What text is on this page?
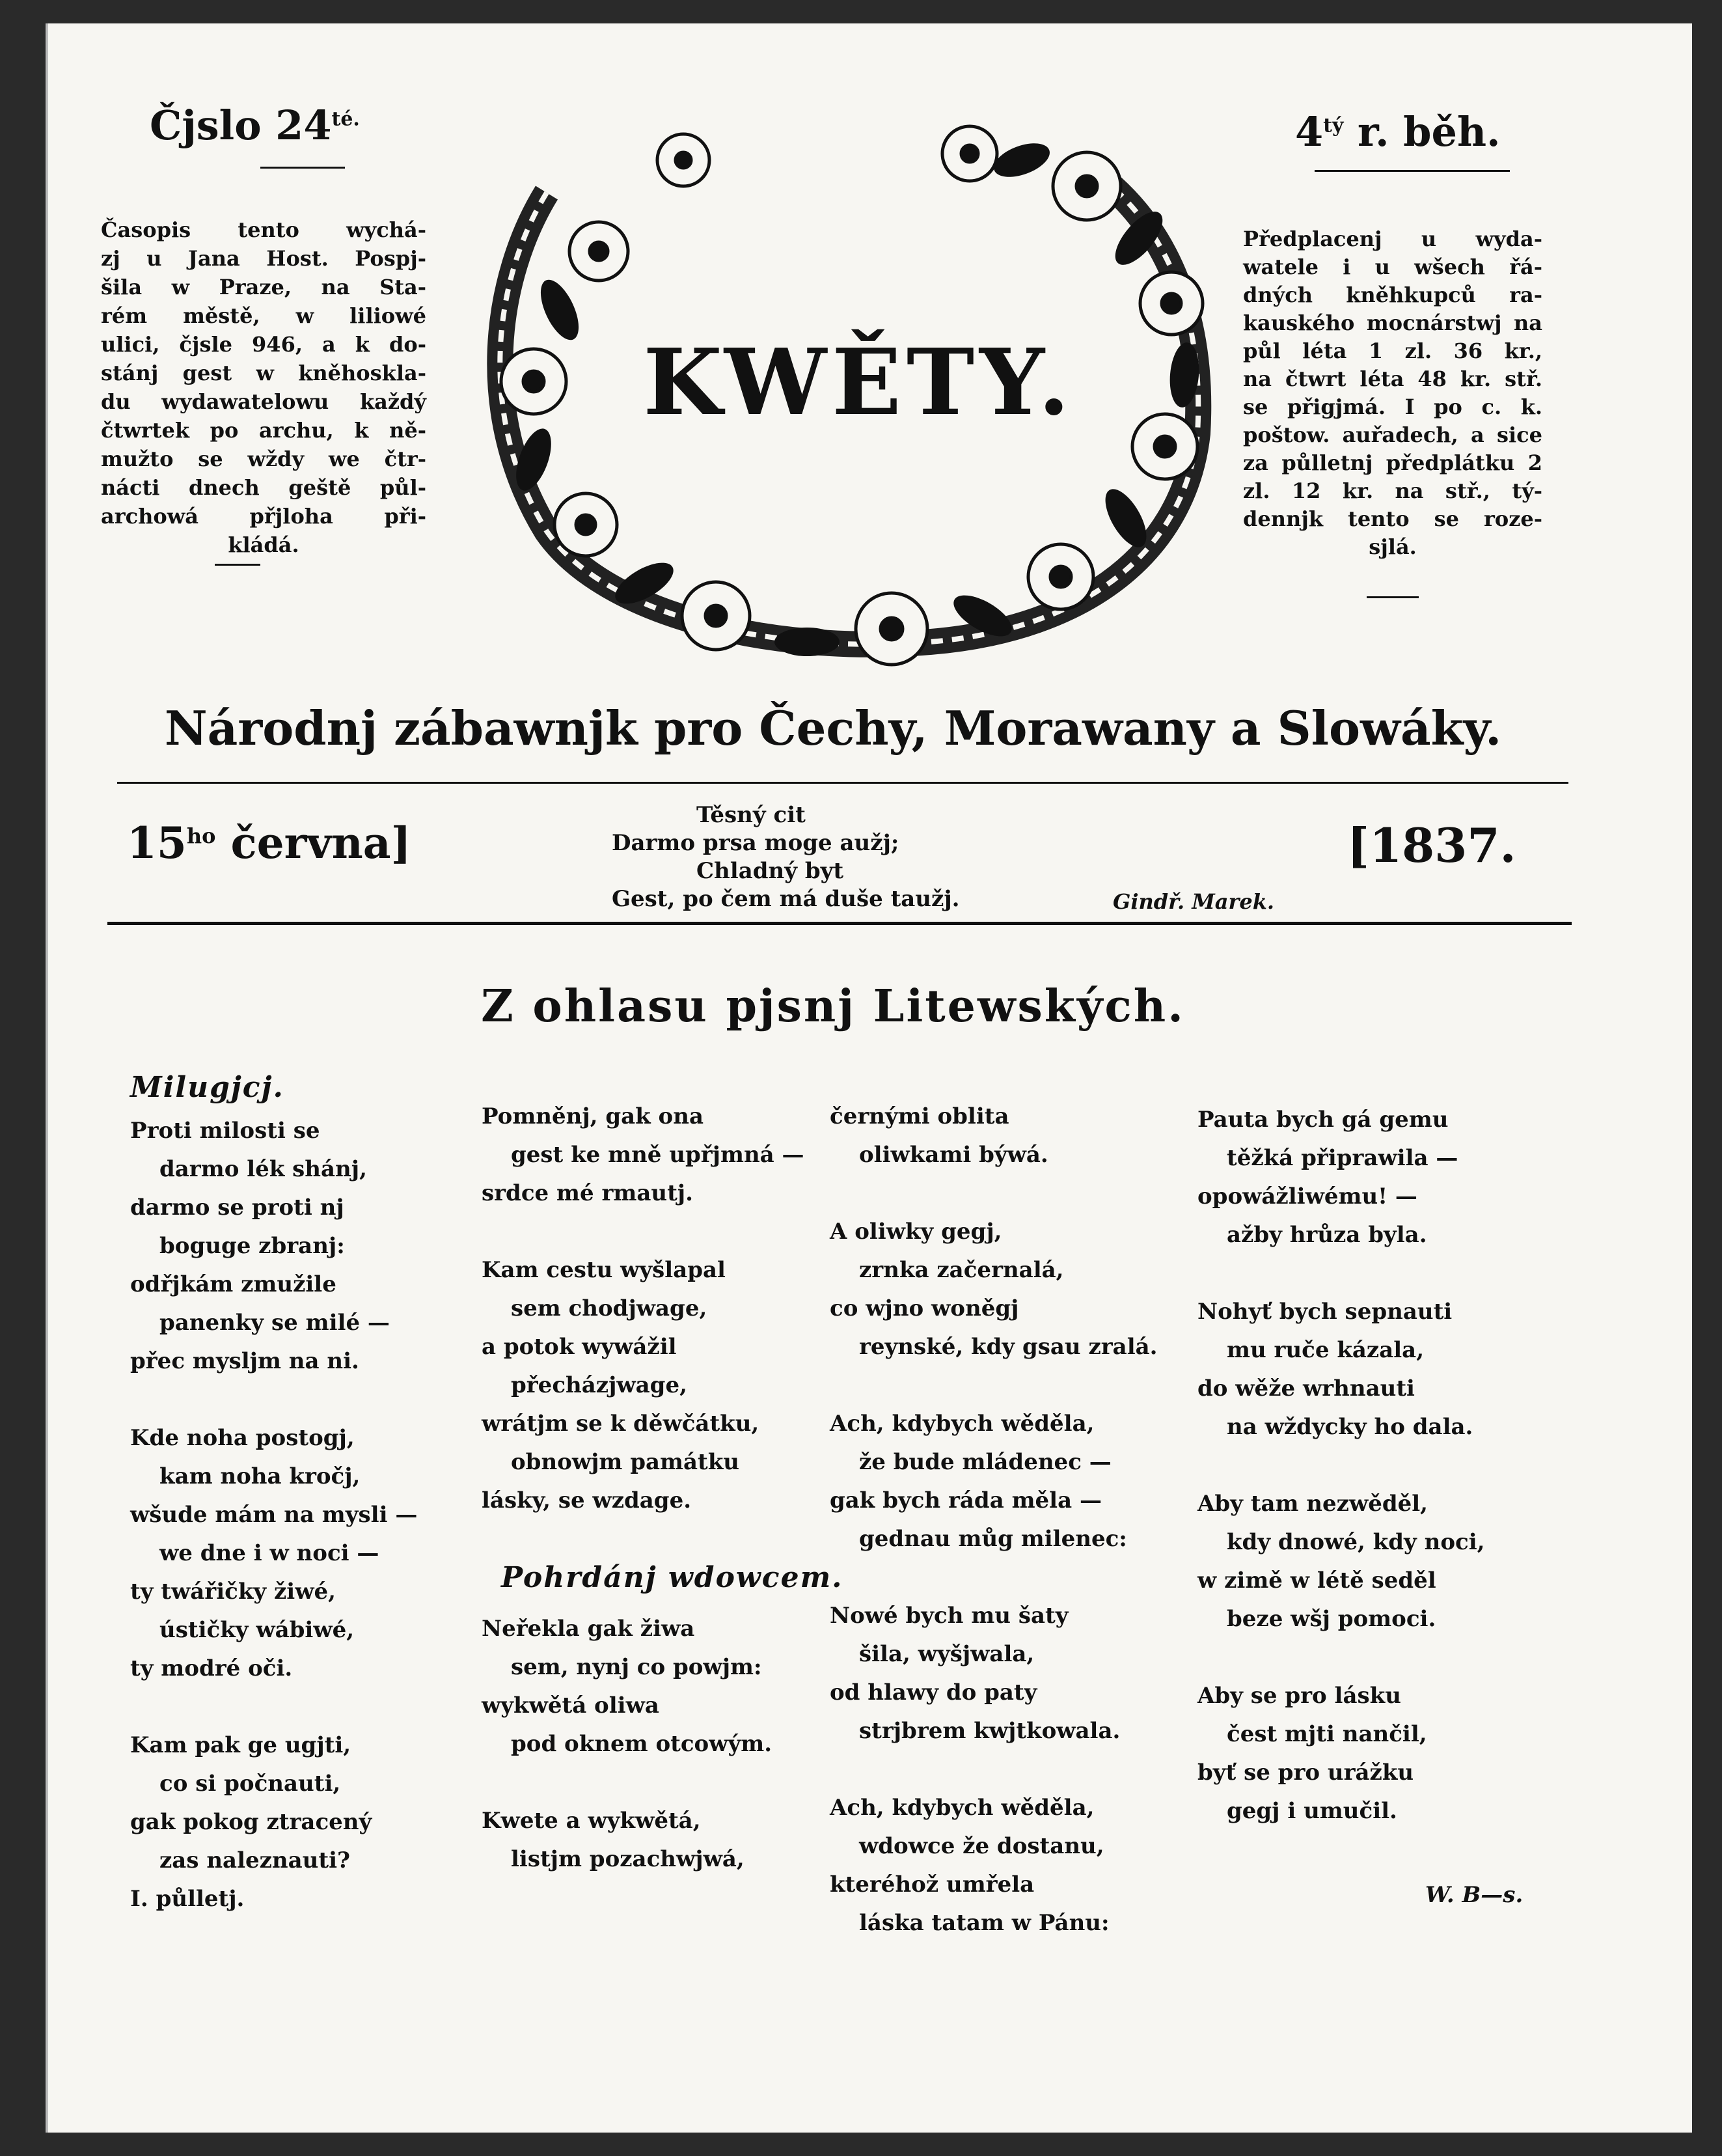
Čjslo $24^{té.}$	$4^{tý}$ r. běh.
Časopis tento wychá-
zj u Jana Host. Pospj-
šila w Praze, na Sta-
rém městě, w liliowé
ulici, čjsle 946, a k do-
stánj gest w kněhoskla-
du wydawatelowu každý
čtwrtek po archu, k ně-
mužto se wždy we čtr-
nácti dnech geště půl-
archowá přjloha při-
kládá.
Předplacenj u wyda-
watele i u wšech řá-
dných kněhkupců ra-
kauského mocnárstwj na
půl léta 1 zl. 36 kr.,
na čtwrt léta 48 kr. stř.
se přigjmá. I po c. k.
poštow. auřadech, a sice
za půlletnj předplátku 2
zl. 12 kr. na stř., tý-
dennjk tento se roze-
sjlá.
KWĚTY.
Národnj zábawnjk pro Čechy, Morawany a Slowáky.
$15^{ho}$ června]
Těsný cit
Darmo prsa moge aužj;
Chladný byt
Gest, po čem má duše taužj.	Gindř. Marek.
[1837.
Z ohlasu pjsnj Litewských.
Milugjcj.
Proti milosti se
darmo lék shánj,
darmo se proti nj
boguge zbranj:
odřjkám zmužile
panenky se milé —
přec mysljm na ni.
Kde noha postogj,
kam noha kročj,
wšude mám na mysli —
we dne i w noci —
ty twářičky žiwé,
ústičky wábiwé,
ty modré oči.
Kam pak ge ugjti,
co si počnauti,
gak pokog ztracený
zas naleznauti?
I. půlletj.
Pomněnj, gak ona
gest ke mně upřjmná —
srdce mé rmautj.
Kam cestu wyšlapal
sem chodjwage,
a potok wywážil
přecházjwage,
wrátjm se k děwčátku,
obnowjm památku
lásky, se wzdage.
Pohrdánj wdowcem.
Neřekla gak žiwa
sem, nynj co powjm:
wykwětá oliwa
pod oknem otcowým.
Kwete a wykwětá,
listjm pozachwjwá,
černými oblita
oliwkami býwá.
A oliwky gegj,
zrnka začernalá,
co wjno woněgj
reynské, kdy gsau zralá.
Ach, kdybych wěděla,
že bude mládenec —
gak bych ráda měla —
gednau můg milenec:
Nowé bych mu šaty
šila, wyšjwala,
od hlawy do paty
strjbrem kwjtkowala.
Ach, kdybych wěděla,
wdowce že dostanu,
kteréhož umřela
láska tatam w Pánu:
Pauta bych gá gemu
těžká připrawila —
opowážliwému! —
ažby hrůza byla.
Nohyť bych sepnauti
mu ruče kázala,
do wěže wrhnauti
na wždycky ho dala.
Aby tam nezwěděl,
kdy dnowé, kdy noci,
w zimě w létě seděl
beze wšj pomoci.
Aby se pro lásku
čest mjti nančil,
byť se pro urážku
gegj i umučil.
W. B—s.
